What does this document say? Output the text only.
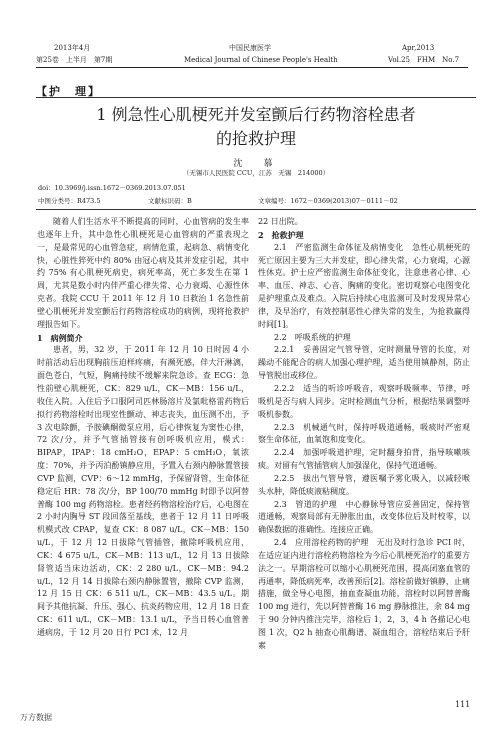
2013年4月
第25卷　上半月　第7期
中国民康医学
Medical Journal of Chinese People's Health
Apr,2013
Vol.25　FHM　No.7
【护　理】
1 例急性心肌梗死并发室颤后行药物溶栓患者
的抢救护理
沈　慕
（无锡市人民医院 CCU，江苏　无锡　214000）
doi：10.3969/j.issn.1672－0369.2013.07.051
中图分类号：R473.5	文献标识码：B	文章编号：1672－0369(2013)07－0111－02

随着人们生活水平不断提高的同时，心血管病的发生率也逐年上升，其中急性心肌梗死是心血管病的严重表现之一，是最常见的心血管急症，病情危重，起病急、病情变化快，心脏性猝死中约 80% 由冠心病及其并发症引起，其中约 75% 有心肌梗死病史，病死率高，死亡多发生在第 1 周，尤其是数小时内伴严重心律失常、心力衰竭、心源性休克者。我院 CCU 于 2011 年 12 月 10 日救治 1 名急性前壁心肌梗死并发室颤后行药物溶栓成功的病例，现将抢救护理报告如下。

1　病例简介

患者，男，32 岁，于 2011 年 12 月 10 日时因 4 小时前活动后出现胸前压迫样疼痛，有濒死感，伴大汗淋漓，面色苍白，气短，胸痛持续不缓解来院急诊。查 ECG：急性前壁心肌梗死，CK：829 u/L，CK－MB：156 u/L，收住入院。入住后予口服阿司匹林肠溶片及氯吡格雷药物后拟行药物溶栓时出现室性颤动、神志丧失，血压测不出，予 3 次电除颤，予胺碘酮微泵应用，后心律恢复为窦性心律，72 次/分，并予气管插管接有创呼吸机应用，模式：BIPAP，IPAP：18 cmH₂O，EPAP：5 cmH₂O，氧浓度：70%，并予丙泊酚镇静应用，予置入右颈内静脉置管接 CVP 监测，CVP：6～12 mmHg，予保留肾管，生命体征稳定后 HR：78 次/分，BP 100/70 mmHg 时即予以阿替普酶 100 mg 药物溶栓。患者经药物溶栓治疗后，心电图在 2 小时内胸导 ST 段回落至基线，患者于 12 月 11 日呼吸机模式改 CPAP，复查 CK：8 087 u/L，CK－MB：150 u/L，于 12 月 12 日拔除气管插管，撤除呼吸机应用，CK：4 675 u/L，CK－MB：113 u/L，12 月 13 日拔除肾管适当床边活动，CK：2 280 u/L，CK－MB：94.2 u/L，12 月 14 日拔除右颈内静脉置管，撤除 CVP 监测，12 月 15 日 CK：6 511 u/L，CK－MB：43.5 u/L。期间予其他抗凝、升压、强心、抗炎药物应用，12 月 18 日查 CK：611 u/L，CK－MB：13.1 u/L，予当日转心血管普通病房，于 12 月 20 日行 PCI 术，12 月

22 日出院。

2　抢救护理

2.1　严密监测生命体征及病情变化　急性心肌梗死的死亡原因主要为三大并发症，即心律失常，心力衰竭，心源性休克。护士应严密监测生命体征变化，注意患者心律、心率、血压、神志、心音、胸痛的变化。密切观察心电图变化是护理重点及难点。入院后持续心电监测可及时发现异常心律，及早治疗，有效控制恶性心律失常的发生，为抢救赢得时间[1]。

2.2　呼吸系统的护理

2.2.1　妥善固定气管导管，定时测量导管的长度，对躁动不能配合的病人加强心理护理，适当使用镇静剂，防止导管脱出或移位。

2.2.2　适当的听诊呼吸音，观察呼吸频率、节律，呼吸机是否与病人同步。定时检测血气分析，根据结果调整呼吸机参数。

2.2.3　机械通气时，保持呼吸道通畅，吸痰时严密观察生命体征，血氧饱和度变化。

2.2.4　加强呼吸道护理，定时翻身拍背，指导咳嗽咳痰。对留有气管插管病人加强湿化，保持气道通畅。

2.2.5　拔出气管导管，遵医嘱予雾化吸入，以减轻喉头水肿，降低痰液粘稠度。

2.3　管道的护理　中心静脉导管应妥善固定，保持管道通畅，观察局部有无肿胀出血，改变体位后及时校零，以确保数据的准确性。连接应正确。

2.4　应用溶栓药物的护理　无出及时行急诊 PCI 时，在适应证内进行溶栓药物溶栓为今后心肌梗死治疗的重要方法之一。早期溶栓可以缩小心肌梗死范围，提高闭塞血管的再通率，降低病死率，改善预后[2]。溶栓前做好镇静，止痛措施，做全导心电图，抽血查凝血功能，溶栓时以阿替普酶 100 mg 进行，先以阿替普酶 16 mg 静脉推注，余 84 mg 于 90 分钟内推注完毕，溶栓后 1，2，3，4 h 各描记心电图 1 次，Q2 h 抽查心肌酶谱、凝血组合，溶栓结束后予肝素

111
万方数据
